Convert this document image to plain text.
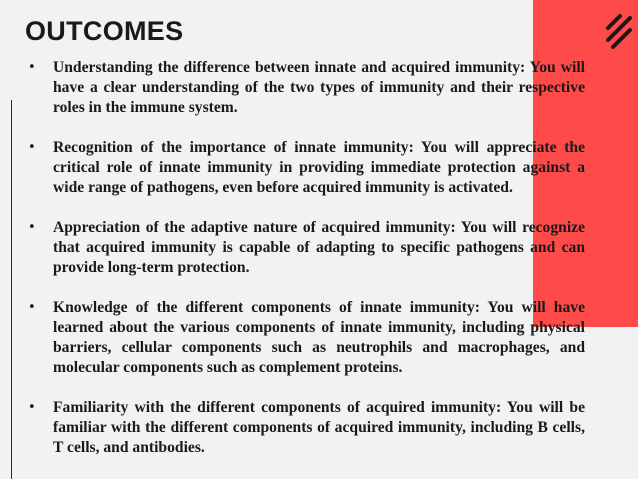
OUTCOMES
• Understanding the difference between innate and acquired immunity: You will have a clear understanding of the two types of immunity and their respective roles in the immune system.
• Recognition of the importance of innate immunity: You will appreciate the critical role of innate immunity in providing immediate protection against a wide range of pathogens, even before acquired immunity is activated.
• Appreciation of the adaptive nature of acquired immunity: You will recognize that acquired immunity is capable of adapting to specific pathogens and can provide long-term protection.
• Knowledge of the different components of innate immunity: You will have learned about the various components of innate immunity, including physical barriers, cellular components such as neutrophils and macrophages, and molecular components such as complement proteins.
• Familiarity with the different components of acquired immunity: You will be familiar with the different components of acquired immunity, including B cells, T cells, and antibodies.
